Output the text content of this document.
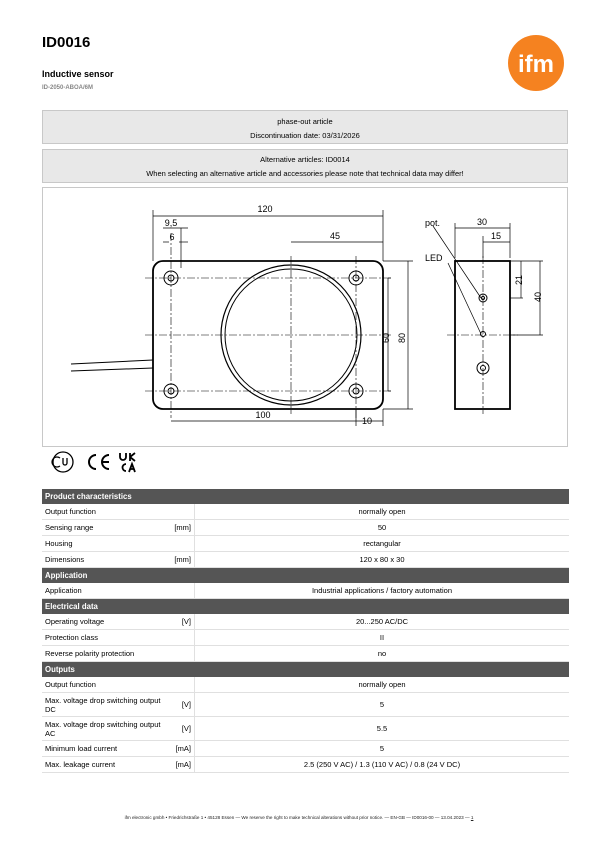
ID0016
Inductive sensor
ID-2050-ABOA/6M
ifm
phase-out article
Discontinuation date: 03/31/2026
Alternative articles: ID0014
When selecting an alternative article and accessories please note that technical data may differ!
120
9,5
6	45
60 80
100
10
30
15
21
40
pot.
LED
Product characteristics		
Output function		normally open
Sensing range	[mm]	50
Housing		rectangular
Dimensions	[mm]	120 x 80 x 30
Application		
Application		Industrial applications / factory automation
Electrical data		
Operating voltage	[V]	20...250 AC/DC
Protection class		II
Reverse polarity protection		no
Outputs		
Output function		normally open
Max. voltage drop switching output DC	[V]	5
Max. voltage drop switching output AC	[V]	5.5
Minimum load current	[mA]	5
Max. leakage current	[mA]	2.5 (250 V AC) / 1.3 (110 V AC) / 0.8 (24 V DC)
ifm electronic gmbh • Friedrichstraße 1 • 45128 Essen — We reserve the right to make technical alterations without prior notice. — EN-GB — ID0016-00 — 13.04.2023 — 1
